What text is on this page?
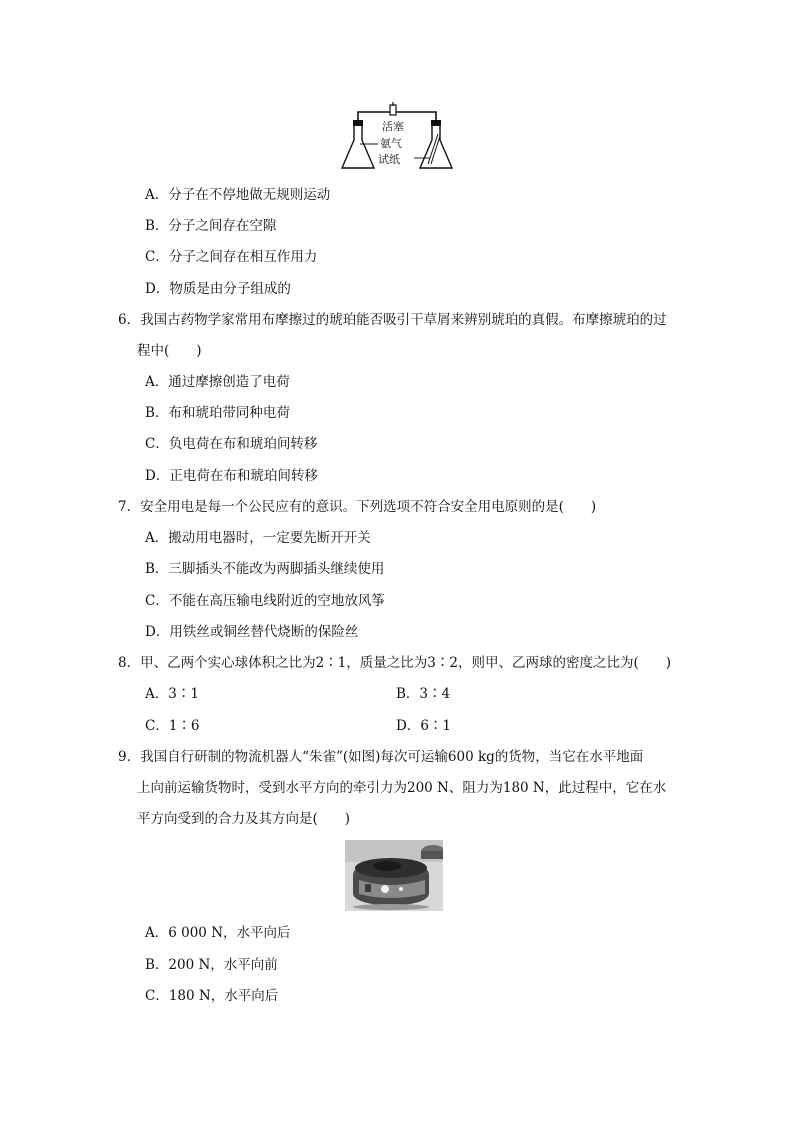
活塞
氨气
试纸
A．分子在不停地做无规则运动
B．分子之间存在空隙
C．分子之间存在相互作用力
D．物质是由分子组成的
6．我国古药物学家常用布摩擦过的琥珀能否吸引干草屑来辨别琥珀的真假。布摩擦琥珀的过
程中(　　)
A．通过摩擦创造了电荷
B．布和琥珀带同种电荷
C．负电荷在布和琥珀间转移
D．正电荷在布和琥珀间转移
7．安全用电是每一个公民应有的意识。下列选项不符合安全用电原则的是(　　)
A．搬动用电器时，一定要先断开开关
B．三脚插头不能改为两脚插头继续使用
C．不能在高压输电线附近的空地放风筝
D．用铁丝或铜丝替代烧断的保险丝
8．甲、乙两个实心球体积之比为2∶1，质量之比为3∶2，则甲、乙两球的密度之比为(　　)
A．3∶1	B．3∶4
C．1∶6	D．6∶1
9．我国自行研制的物流机器人“朱雀”(如图)每次可运输600 kg的货物，当它在水平地面
上向前运输货物时，受到水平方向的牵引力为200 N、阻力为180 N，此过程中，它在水
平方向受到的合力及其方向是(　　)
A．6 000 N，水平向后
B．200 N，水平向前
C．180 N，水平向后
